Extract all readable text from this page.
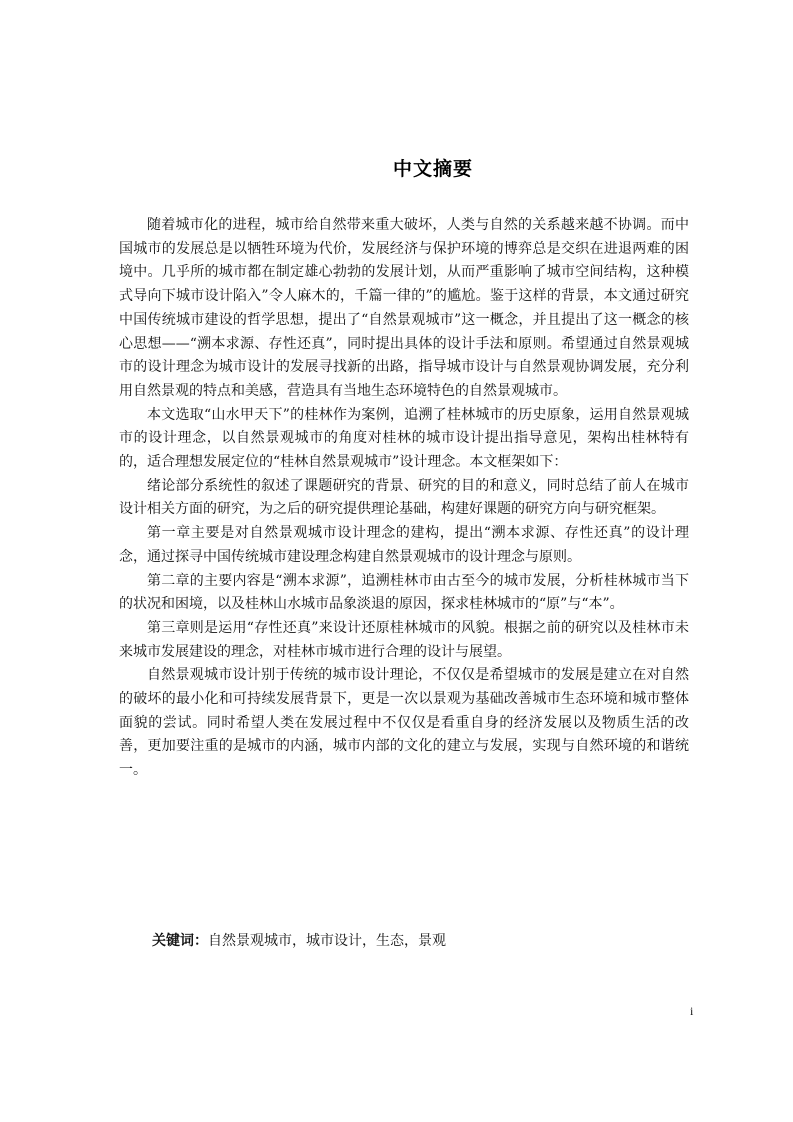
中文摘要

随着城市化的进程，城市给自然带来重大破坏，人类与自然的关系越来越不协调。而中国城市的发展总是以牺牲环境为代价，发展经济与保护环境的博弈总是交织在进退两难的困境中。几乎所的城市都在制定雄心勃勃的发展计划，从而严重影响了城市空间结构，这种模式导向下城市设计陷入”令人麻木的，千篇一律的”的尴尬。鉴于这样的背景，本文通过研究中国传统城市建设的哲学思想，提出了“自然景观城市”这一概念，并且提出了这一概念的核心思想——“溯本求源、存性还真”，同时提出具体的设计手法和原则。希望通过自然景观城市的设计理念为城市设计的发展寻找新的出路，指导城市设计与自然景观协调发展，充分利用自然景观的特点和美感，营造具有当地生态环境特色的自然景观城市。

本文选取“山水甲天下”的桂林作为案例，追溯了桂林城市的历史原象，运用自然景观城市的设计理念，以自然景观城市的角度对桂林的城市设计提出指导意见，架构出桂林特有的，适合理想发展定位的“桂林自然景观城市”设计理念。本文框架如下：

绪论部分系统性的叙述了课题研究的背景、研究的目的和意义，同时总结了前人在城市设计相关方面的研究，为之后的研究提供理论基础，构建好课题的研究方向与研究框架。

第一章主要是对自然景观城市设计理念的建构，提出“溯本求源、存性还真”的设计理念，通过探寻中国传统城市建设理念构建自然景观城市的设计理念与原则。

第二章的主要内容是“溯本求源”，追溯桂林市由古至今的城市发展，分析桂林城市当下的状况和困境，以及桂林山水城市品象淡退的原因，探求桂林城市的“原”与“本”。

第三章则是运用“存性还真”来设计还原桂林城市的风貌。根据之前的研究以及桂林市未来城市发展建设的理念，对桂林市城市进行合理的设计与展望。

自然景观城市设计别于传统的城市设计理论，不仅仅是希望城市的发展是建立在对自然的破坏的最小化和可持续发展背景下，更是一次以景观为基础改善城市生态环境和城市整体面貌的尝试。同时希望人类在发展过程中不仅仅是看重自身的经济发展以及物质生活的改善，更加要注重的是城市的内涵，城市内部的文化的建立与发展，实现与自然环境的和谐统一。

关键词：自然景观城市，城市设计，生态，景观
i
